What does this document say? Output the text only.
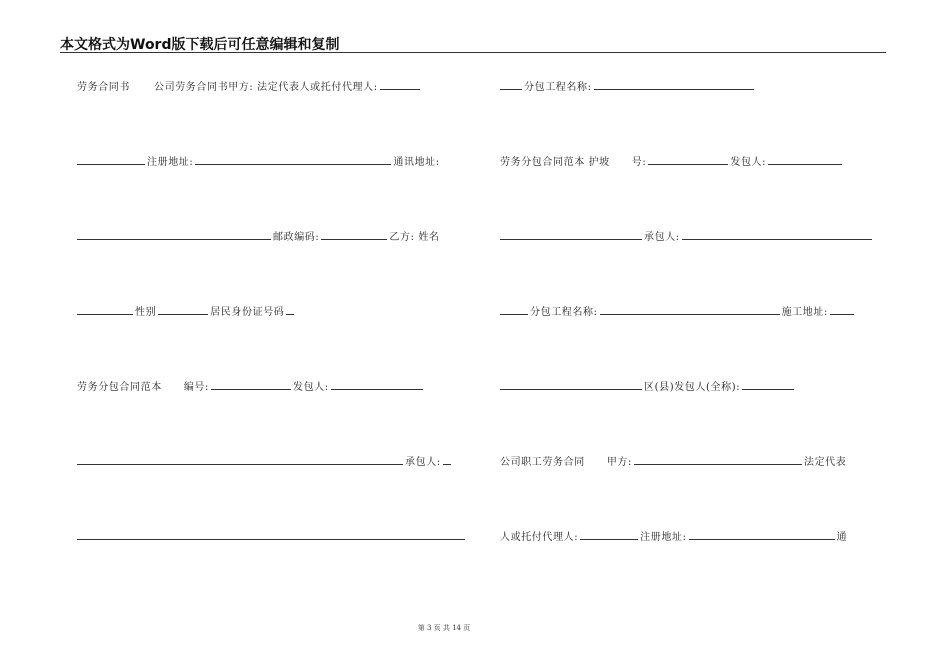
本文格式为Word版下载后可任意编辑和复制
劳务合同书 公司劳务合同书甲方: 法定代表人或托付代理人:
注册地址:	通讯地址:
邮政编码:	乙方: 姓名
性别	居民身份证号码
劳务分包合同范本 编号:	发包人:
承包人:
分包工程名称:
劳务分包合同范本 护坡 号:	发包人:
承包人:
分包工程名称:	施工地址:
区(县)发包人(全称):
公司职工劳务合同 甲方:	法定代表
人或托付代理人:	注册地址:	通
第 3 页 共 14 页
